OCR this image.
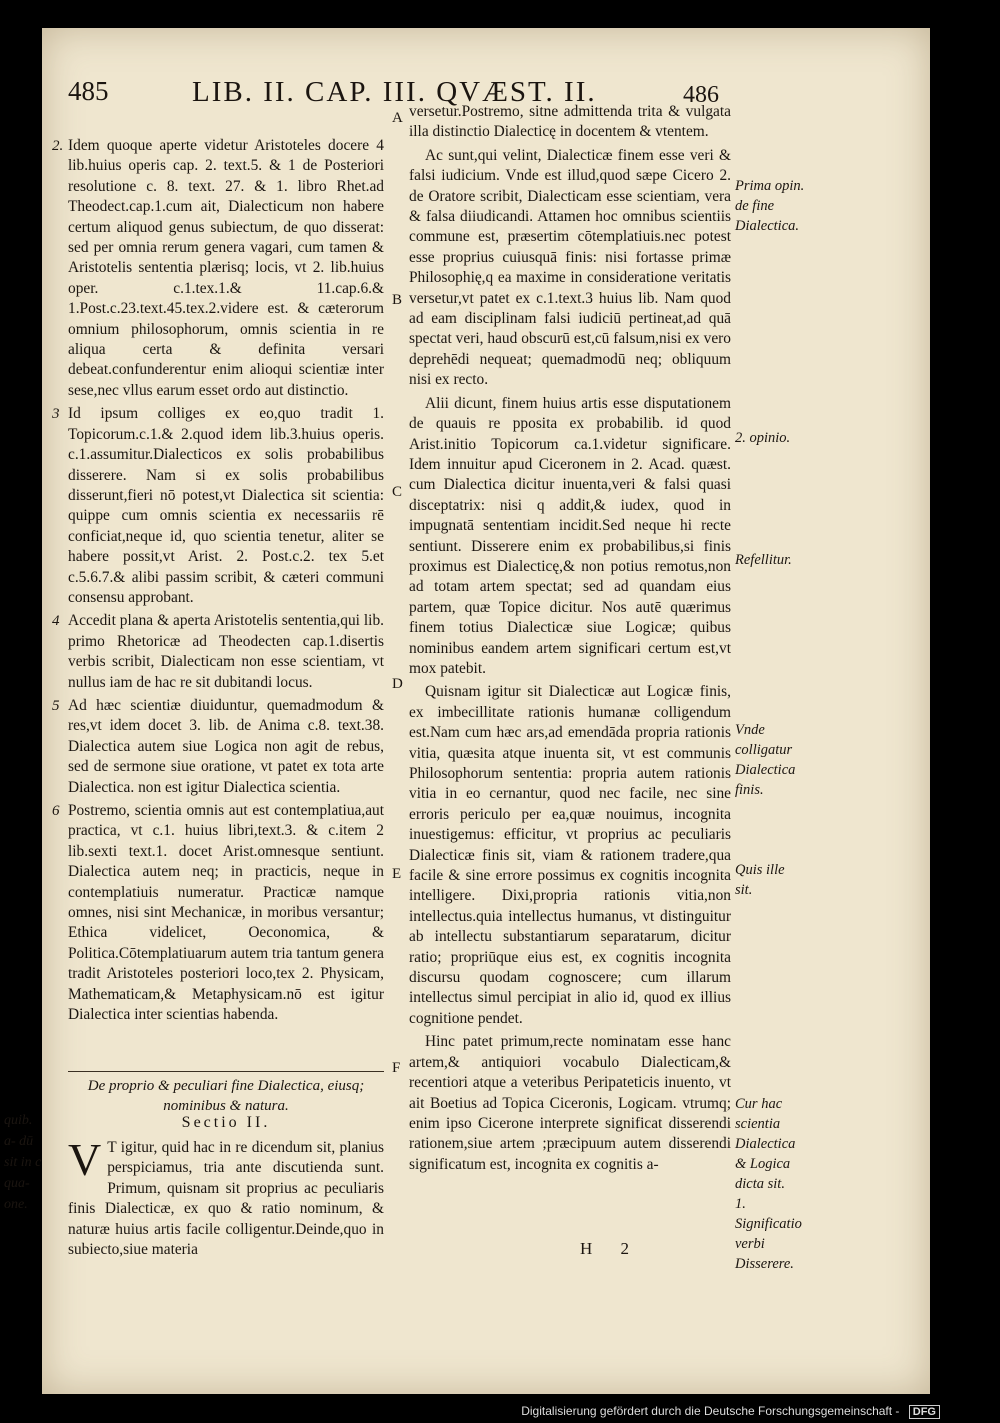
485	LIB. II. CAP. III. QVÆST. II.	486
2. Idem quoque aperte videtur Aristoteles docere 4 lib.huius operis cap. 2. text.5. & 1 de Posteriori resolutione c. 8. text. 27. & 1. libro Rhet.ad Theodect.cap.1.cum ait, Dialecticum non habere certum aliquod genus subiectum, de quo disserat: sed per omnia rerum genera vagari, cum tamen & Aristotelis sententia plærisq; locis, vt 2. lib.huius oper. c.1.tex.1.& 11.cap.6.& 1.Post.c.23.text.45.tex.2.videre est. & cæterorum omnium philosophorum, omnis scientia in re aliqua certa & definita versari debeat.confunderentur enim alioqui scientiæ inter sese,nec vllus earum esset ordo aut distinctio.
3 Id ipsum colliges ex eo,quo tradit 1. Topicorum.c.1.& 2.quod idem lib.3.huius operis. c.1.assumitur.Dialecticos ex solis probabilibus disserere. Nam si ex solis probabilibus disserunt,fieri nō potest,vt Dialectica sit scientia: quippe cum omnis scientia ex necessariis rē conficiat,neque id, quo scientia tenetur, aliter se habere possit,vt Arist. 2. Post.c.2. tex 5.et c.5.6.7.& alibi passim scribit, & cæteri communi consensu approbant.
4 Accedit plana & aperta Aristotelis sententia,qui lib. primo Rhetoricæ ad Theodecten cap.1.disertis verbis scribit, Dialecticam non esse scientiam, vt nullus iam de hac re sit dubitandi locus.
5 Ad hæc scientiæ diuiduntur, quemadmodum & res,vt idem docet 3. lib. de Anima c.8. text.38. Dialectica autem siue Logica non agit de rebus, sed de sermone siue oratione, vt patet ex tota arte Dialectica. non est igitur Dialectica scientia.
6 Postremo, scientia omnis aut est contemplatiua,aut practica, vt c.1. huius libri,text.3. & c.item 2 lib.sexti text.1. docet Arist.omnesque sentiunt. Dialectica autem neq; in practicis, neque in contemplatiuis numeratur. Practicæ namque omnes, nisi sint Mechanicæ, in moribus versantur; Ethica videlicet, Oeconomica, & Politica.Cōtemplatiuarum autem tria tantum genera tradit Aristoteles posteriori loco,tex 2. Physicam, Mathematicam,& Metaphysicam.nō est igitur Dialectica inter scientias habenda.
A
B
C
D
E
F
De proprio & peculiari fine Dialectica, eiusq; nominibus & natura.
Sectio II.
V T igitur, quid hac in re dicendum sit, planius perspiciamus, tria ante discutienda sunt. Primum, quisnam sit proprius ac peculiaris finis Dialecticæ, ex quo & ratio nominum, & naturæ huius artis facile colligentur.Deinde,quo in subiecto,siue materia
versetur.Postremo, sitne admittenda trita & vulgata illa distinctio Dialecticę in docentem & vtentem.
Ac sunt,qui velint, Dialecticæ finem esse veri & falsi iudicium. Vnde est illud,quod sæpe Cicero 2. de Oratore scribit, Dialecticam esse scientiam, vera & falsa diiudicandi. Attamen hoc omnibus scientiis commune est, præsertim cōtemplatiuis.nec potest esse proprius cuiusquā finis: nisi fortasse primæ Philosophię,q ea maxime in consideratione veritatis versetur,vt patet ex c.1.text.3 huius lib. Nam quod ad eam disciplinam falsi iudiciū pertineat,ad quā spectat veri, haud obscurū est,cū falsum,nisi ex vero deprehēdi nequeat; quemadmodū neq; obliquum nisi ex recto.
Alii dicunt, finem huius artis esse disputationem de quauis re pposita ex probabilib. id quod Arist.initio Topicorum ca.1.videtur significare. Idem innuitur apud Ciceronem in 2. Acad. quæst. cum Dialectica dicitur inuenta,veri & falsi quasi disceptatrix: nisi q addit,& iudex, quod in impugnatā sententiam incidit.Sed neque hi recte sentiunt. Disserere enim ex probabilibus,si finis proximus est Dialecticę,& non potius remotus,non ad totam artem spectat; sed ad quandam eius partem, quæ Topice dicitur. Nos autē quærimus finem totius Dialecticæ siue Logicæ; quibus nominibus eandem artem significari certum est,vt mox patebit.
Quisnam igitur sit Dialecticæ aut Logicæ finis, ex imbecillitate rationis humanæ colligendum est.Nam cum hæc ars,ad emendāda propria rationis vitia, quæsita atque inuenta sit, vt est communis Philosophorum sententia: propria autem rationis vitia in eo cernantur, quod nec facile, nec sine erroris periculo per ea,quæ nouimus, incognita inuestigemus: efficitur, vt proprius ac peculiaris Dialecticæ finis sit, viam & rationem tradere,qua facile & sine errore possimus ex cognitis incognita intelligere. Dixi,propria rationis vitia,non intellectus.quia intellectus humanus, vt distinguitur ab intellectu substantiarum separatarum, dicitur ratio; propriūque eius est, ex cognitis incognita discursu quodam cognoscere; cum illarum intellectus simul percipiat in alio id, quod ex illius cognitione pendet.
Hinc patet primum,recte nominatam esse hanc artem,& antiquiori vocabulo Dialecticam,& recentiori atque a veteribus Peripateticis inuento, vt ait Boetius ad Topica Ciceronis, Logicam. vtrumq; enim ipso Cicerone interprete significat disserendi rationem,siue artem ;præcipuum autem disserendi significatum est, incognita ex cognitis a-
Prima opin. de fine Dialectica.
2. opinio.
Refellitur.
Vnde colligatur Dialectica finis.
Quis ille sit.
Cur hac scientia Dialectica & Logica dicta sit.
1. Significatio verbi Disserere.
H 2
quib. a- dū sit in c qua- one.
Digitalisierung gefördert durch die Deutsche Forschungsgemeinschaft - DFG
